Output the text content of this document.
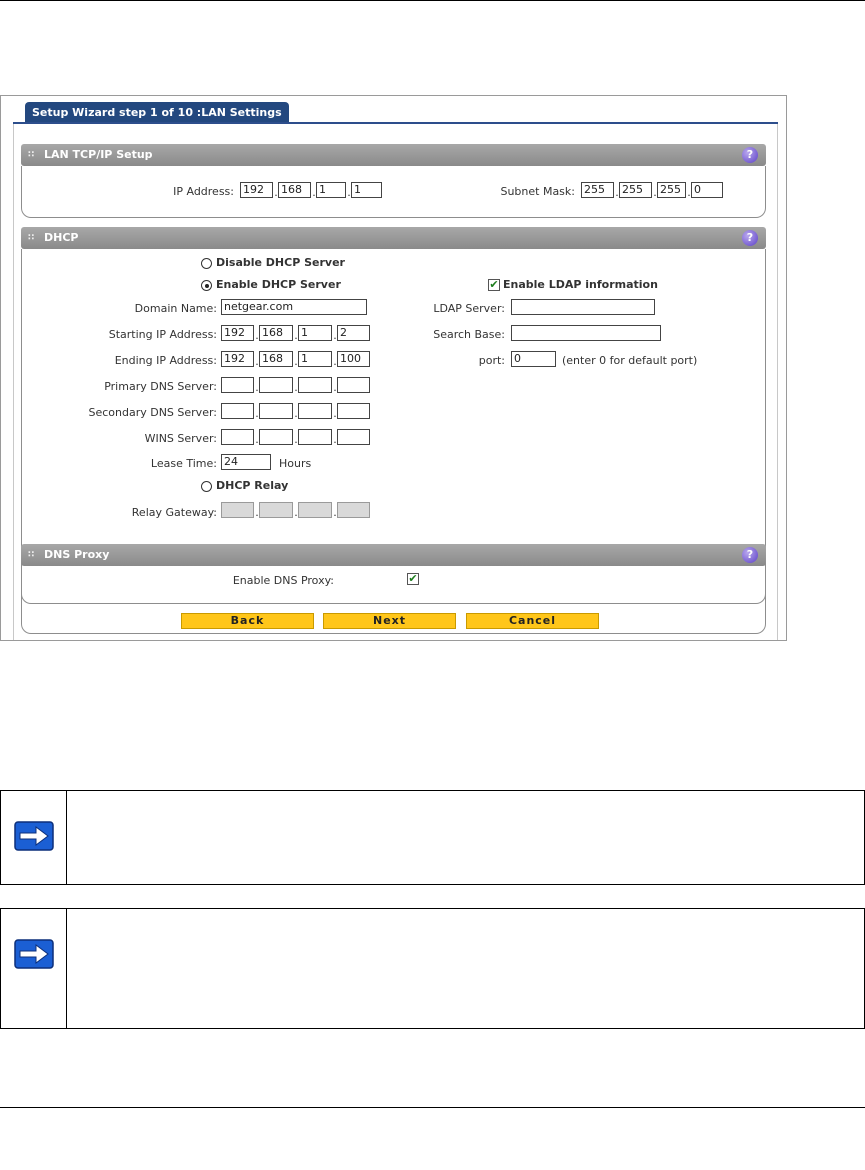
Setup Wizard step 1 of 10 :LAN Settings
∷ LAN TCP/IP Setup	?
IP Address: 192 . 168 . 1	. 1	Subnet Mask: 255 . 255 . 255 . 0
∷ DHCP	?
Disable DHCP Server
Enable DHCP Server
Domain Name: netgear.com
Starting IP Address: 192 . 168	. 1	. 2
Ending IP Address: 192 . 168	. 1	. 100
Primary DNS Server:	.	.	.
Secondary DNS Server:	.	.	.
WINS Server:	.	.	.
Lease Time: 24	Hours
DHCP Relay
Relay Gateway:	.	.	.
✔ Enable LDAP information
LDAP Server:
Search Base:
port: 0	(enter 0 for default port)
∷ DNS Proxy	?
Enable DNS Proxy:	✔
Back	Next	Cancel
